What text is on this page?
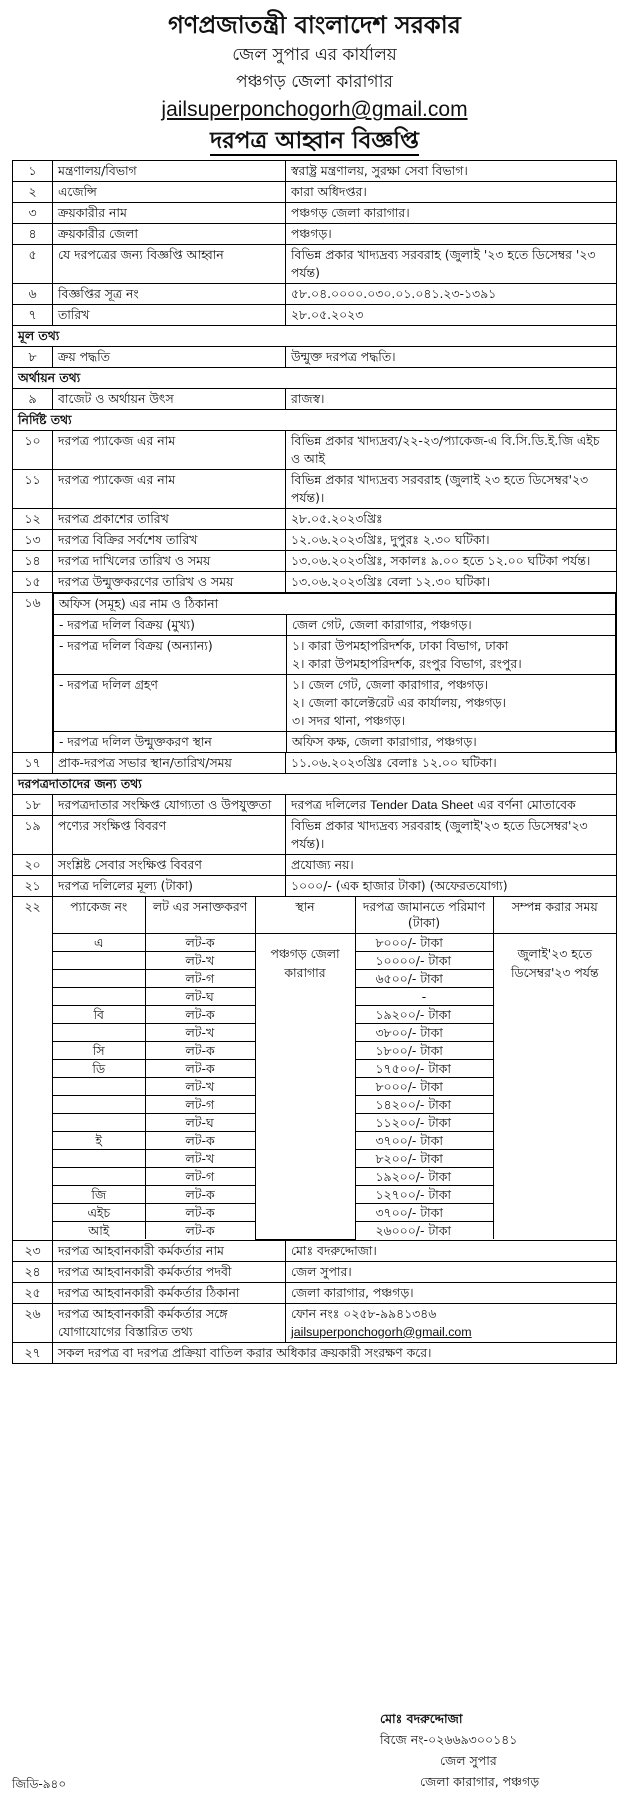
গণপ্রজাতন্ত্রী বাংলাদেশ সরকার
জেল সুপার এর কার্যালয়
পঞ্চগড় জেলা কারাগার
jailsuperponchogorh@gmail.com
দরপত্র আহ্বান বিজ্ঞপ্তি
১	মন্ত্রণালয়/বিভাগ	স্বরাষ্ট্র মন্ত্রণালয়, সুরক্ষা সেবা বিভাগ।
২	এজেন্সি	কারা অধিদপ্তর।
৩	ক্রয়কারীর নাম	পঞ্চগড় জেলা কারাগার।
৪	ক্রয়কারীর জেলা	পঞ্চগড়।
৫	যে দরপত্রের জন্য বিজ্ঞপ্তি আহ্বান	বিভিন্ন প্রকার খাদ্যদ্রব্য সরবরাহ (জুলাই '২৩ হতে ডিসেম্বর '২৩ পর্যন্ত)
৬	বিজ্ঞপ্তির সূত্র নং	৫৮.০৪.০০০০.০৩০.০১.০৪১.২৩-১৩৯১
৭	তারিখ	২৮.০৫.২০২৩
মূল তথ্য
৮	ক্রয় পদ্ধতি	উন্মুক্ত দরপত্র পদ্ধতি।
অর্থায়ন তথ্য
৯	বাজেট ও অর্থায়ন উৎস	রাজস্ব।
নির্দিষ্ট তথ্য
১০	দরপত্র প্যাকেজ এর নাম	বিভিন্ন প্রকার খাদ্যদ্রব্য/২২-২৩/প্যাকেজ-এ বি.সি.ডি.ই.জি এইচ ও আই
১১	দরপত্র প্যাকেজ এর নাম	বিভিন্ন প্রকার খাদ্যদ্রব্য সরবরাহ (জুলাই ২৩ হতে ডিসেম্বর'২৩ পর্যন্ত)।
১২	দরপত্র প্রকাশের তারিখ	২৮.০৫.২০২৩খ্রিঃ
১৩	দরপত্র বিক্রির সর্বশেষ তারিখ	১২.০৬.২০২৩খ্রিঃ, দুপুরঃ ২.৩০ ঘটিকা।
১৪	দরপত্র দাখিলের তারিখ ও সময়	১৩.০৬.২০২৩খ্রিঃ, সকালঃ ৯.০০ হতে ১২.০০ ঘটিকা পর্যন্ত।
১৫	দরপত্র উন্মুক্তকরণের তারিখ ও সময়	১৩.০৬.২০২৩খ্রিঃ বেলা ১২.৩০ ঘটিকা।
১৬	অফিস (সমূহ) এর নাম ও ঠিকানা
- দরপত্র দলিল বিক্রয় (মুখ্য)	জেল গেট, জেলা কারাগার, পঞ্চগড়।
- দরপত্র দলিল বিক্রয় (অন্যান্য)	১। কারা উপমহাপরিদর্শক, ঢাকা বিভাগ, ঢাকা
২। কারা উপমহাপরিদর্শক, রংপুর বিভাগ, রংপুর।

- দরপত্র দলিল গ্রহণ	১। জেল গেট, জেলা কারাগার, পঞ্চগড়।
২। জেলা কালেক্টরেট এর কার্যালয়, পঞ্চগড়।
৩। সদর থানা, পঞ্চগড়।

- দরপত্র দলিল উন্মুক্তকরণ স্থান	অফিস কক্ষ, জেলা কারাগার, পঞ্চগড়।

১৭	প্রাক-দরপত্র সভার স্থান/তারিখ/সময়	১১.০৬.২০২৩খ্রিঃ বেলাঃ ১২.০০ ঘটিকা।
দরপত্রদাতাদের জন্য তথ্য
১৮	দরপত্রদাতার সংক্ষিপ্ত যোগ্যতা ও উপযুক্ততা	দরপত্র দলিলের Tender Data Sheet এর বর্ণনা মোতাবেক
১৯	পণ্যের সংক্ষিপ্ত বিবরণ	বিভিন্ন প্রকার খাদ্যদ্রব্য সরবরাহ (জুলাই'২৩ হতে ডিসেম্বর'২৩ পর্যন্ত)।
২০	সংশ্লিষ্ট সেবার সংক্ষিপ্ত বিবরণ	প্রযোজ্য নয়।
২১	দরপত্র দলিলের মূল্য (টাকা)	১০০০/- (এক হাজার টাকা) (অফেরতযোগ্য)
২২	প্যাকেজ নং	লট এর সনাক্তকরণ	স্থান	দরপত্র জামানতে পরিমাণ (টাকা)	সম্পন্ন করার সময়
এ	লট-ক	পঞ্চগড় জেলা কারাগার	৮০০০/- টাকা	জুলাই'২৩ হতে ডিসেম্বর'২৩ পর্যন্ত
	লট-খ	১০০০০/- টাকা
	লট-গ	৬৫০০/- টাকা
	লট-ঘ	-
বি	লট-ক	১৯২০০/- টাকা
	লট-খ	৩৮০০/- টাকা
সি	লট-ক	১৮০০/- টাকা
ডি	লট-ক	১৭৫০০/- টাকা
	লট-খ	৮০০০/- টাকা
	লট-গ	১৪২০০/- টাকা
	লট-ঘ	১১২০০/- টাকা
ই	লট-ক	৩৭০০/- টাকা
	লট-খ	৮২০০/- টাকা
	লট-গ	১৯২০০/- টাকা
জি	লট-ক	১২৭০০/- টাকা
এইচ	লট-ক	৩৭০০/- টাকা
আই	লট-ক	২৬০০০/- টাকা

২৩	দরপত্র আহবানকারী কর্মকর্তার নাম	মোঃ বদরুদ্দোজা।
২৪	দরপত্র আহবানকারী কর্মকর্তার পদবী	জেল সুপার।
২৫	দরপত্র আহবানকারী কর্মকর্তার ঠিকানা	জেলা কারাগার, পঞ্চগড়।
২৬	দরপত্র আহবানকারী কর্মকর্তার সঙ্গে যোগাযোগের বিস্তারিত তথ্য	
ফোন নংঃ ০২৫৮-৯৯৪১৩৪৬
jailsuperponchogorh@gmail.com

২৭	সকল দরপত্র বা দরপত্র প্রক্রিয়া বাতিল করার অধিকার ক্রয়কারী সংরক্ষণ করে।
মোঃ বদরুদ্দোজা
বিজে নং-০২৬৬৯৩০০১৪১
জেল সুপার
জেলা কারাগার, পঞ্চগড়
জিডি-৯৪০
